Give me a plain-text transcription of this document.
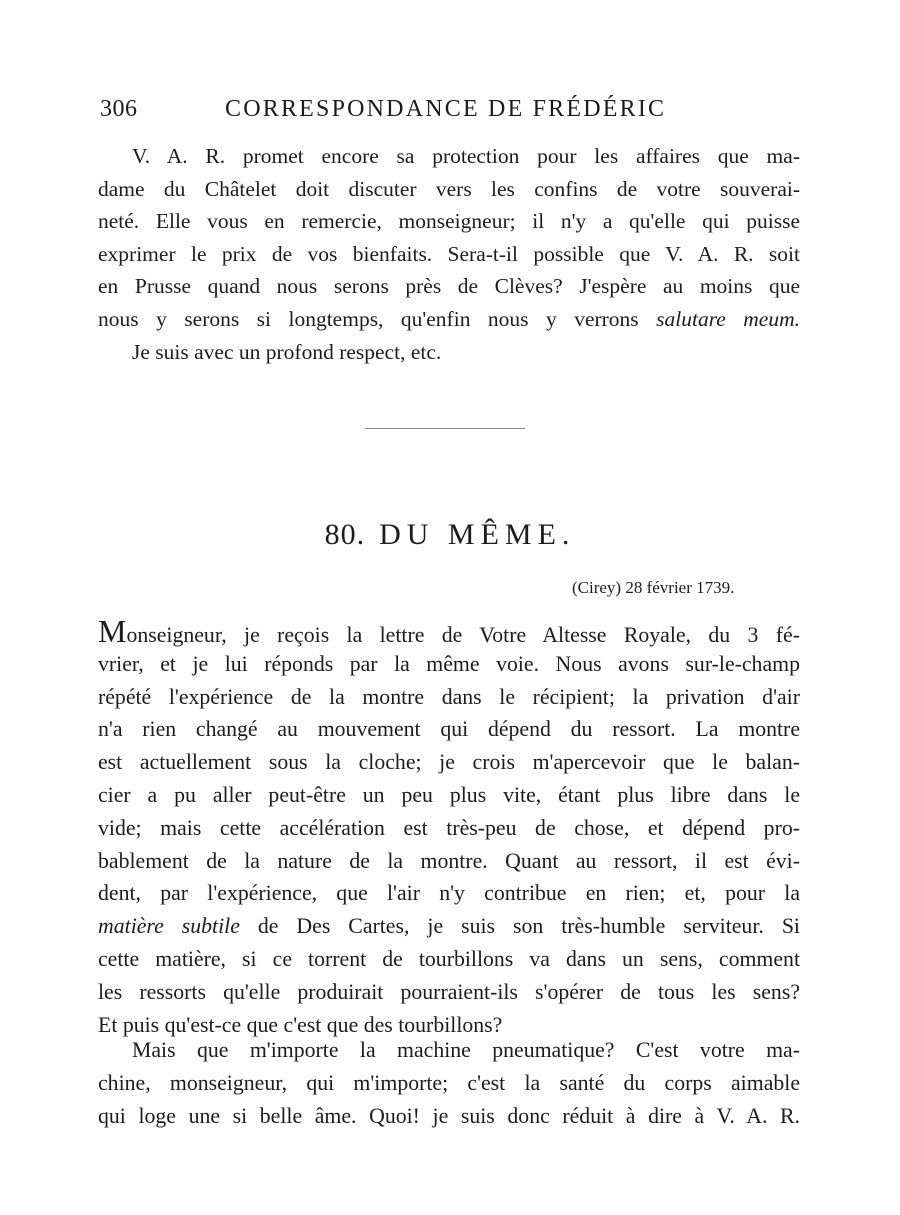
306	CORRESPONDANCE DE FRÉDÉRIC
V. A. R. promet encore sa protection pour les affaires que ma-
dame du Châtelet doit discuter vers les confins de votre souverai-
neté. Elle vous en remercie, monseigneur; il n'y a qu'elle qui puisse
exprimer le prix de vos bienfaits. Sera-t-il possible que V. A. R. soit
en Prusse quand nous serons près de Clèves? J'espère au moins que
nous y serons si longtemps, qu'enfin nous y verrons salutare meum.
Je suis avec un profond respect, etc.
80. DU MÊME.
(Cirey) 28 février 1739.
Monseigneur, je reçois la lettre de Votre Altesse Royale, du 3 fé-
vrier, et je lui réponds par la même voie. Nous avons sur-le-champ
répété l'expérience de la montre dans le récipient; la privation d'air
n'a rien changé au mouvement qui dépend du ressort. La montre
est actuellement sous la cloche; je crois m'apercevoir que le balan-
cier a pu aller peut-être un peu plus vite, étant plus libre dans le
vide; mais cette accélération est très-peu de chose, et dépend pro-
bablement de la nature de la montre. Quant au ressort, il est évi-
dent, par l'expérience, que l'air n'y contribue en rien; et, pour la
matière subtile de Des Cartes, je suis son très-humble serviteur. Si
cette matière, si ce torrent de tourbillons va dans un sens, comment
les ressorts qu'elle produirait pourraient-ils s'opérer de tous les sens?
Et puis qu'est-ce que c'est que des tourbillons?
Mais que m'importe la machine pneumatique? C'est votre ma-
chine, monseigneur, qui m'importe; c'est la santé du corps aimable
qui loge une si belle âme. Quoi! je suis donc réduit à dire à V. A. R.
